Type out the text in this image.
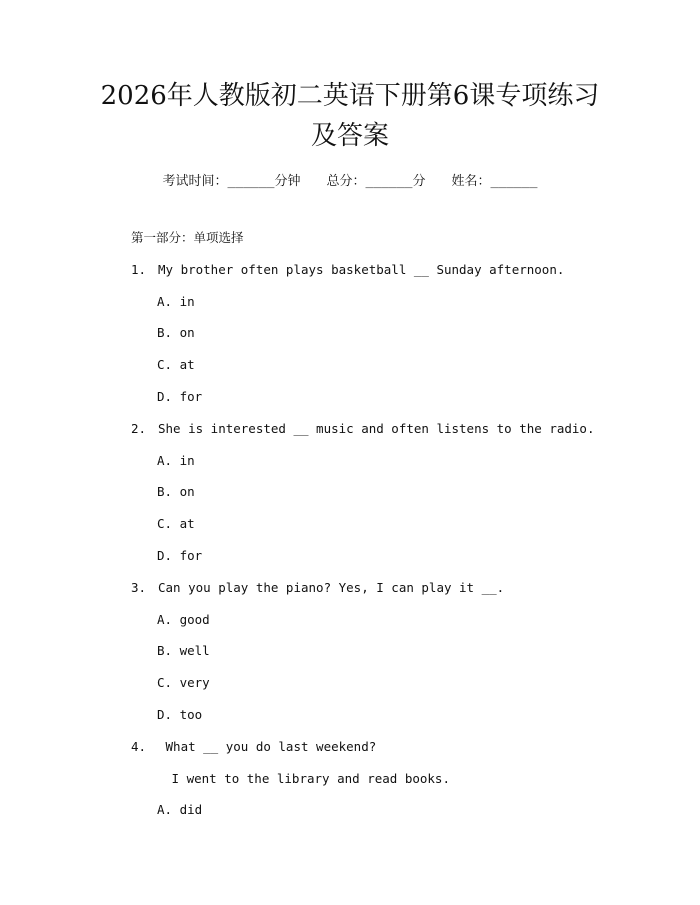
2026年人教版初二英语下册第6课专项练习
及答案
考试时间：______分钟 总分：______分 姓名：______
第一部分：单项选择
1. My brother often plays basketball __ Sunday afternoon.
A. in
B. on
C. at
D. for
2. She is interested __ music and often listens to the radio.
A. in
B. on
C. at
D. for
3. Can you play the piano? Yes, I can play it __.
A. good
B. well
C. very
D. too
4. What __ you do last weekend?
I went to the library and read books.
A. did
